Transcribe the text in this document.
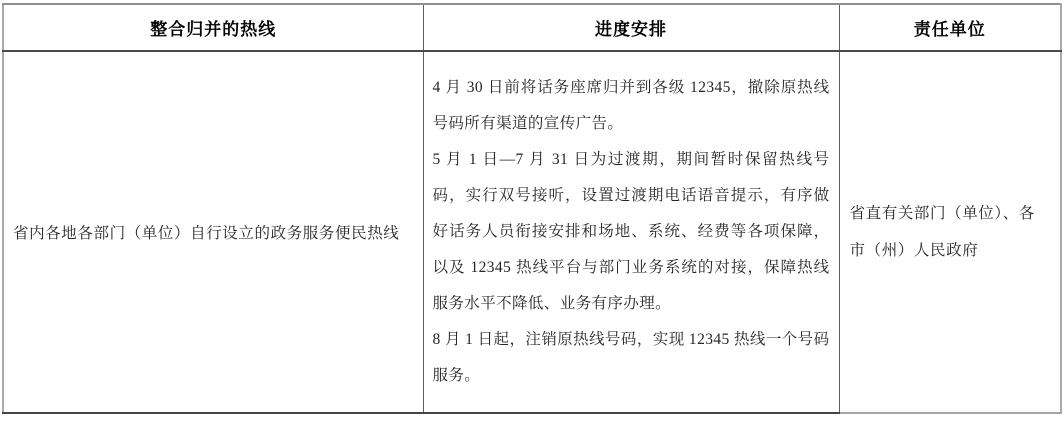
整合归并的热线	进度安排	责任单位
省内各地各部门（单位）自行设立的政务服务便民热线	4 月 30 日前将话务座席归并到各级 12345，撤除原热线号码所有渠道的宣传广告。

5 月 1 日—7 月 31 日为过渡期，期间暂时保留热线号码，实行双号接听，设置过渡期电话语音提示，有序做好话务人员衔接安排和场地、系统、经费等各项保障，以及 12345 热线平台与部门业务系统的对接，保障热线服务水平不降低、业务有序办理。

8 月 1 日起，注销原热线号码，实现 12345 热线一个号码服务。	省直有关部门（单位）、各市（州）人民政府
